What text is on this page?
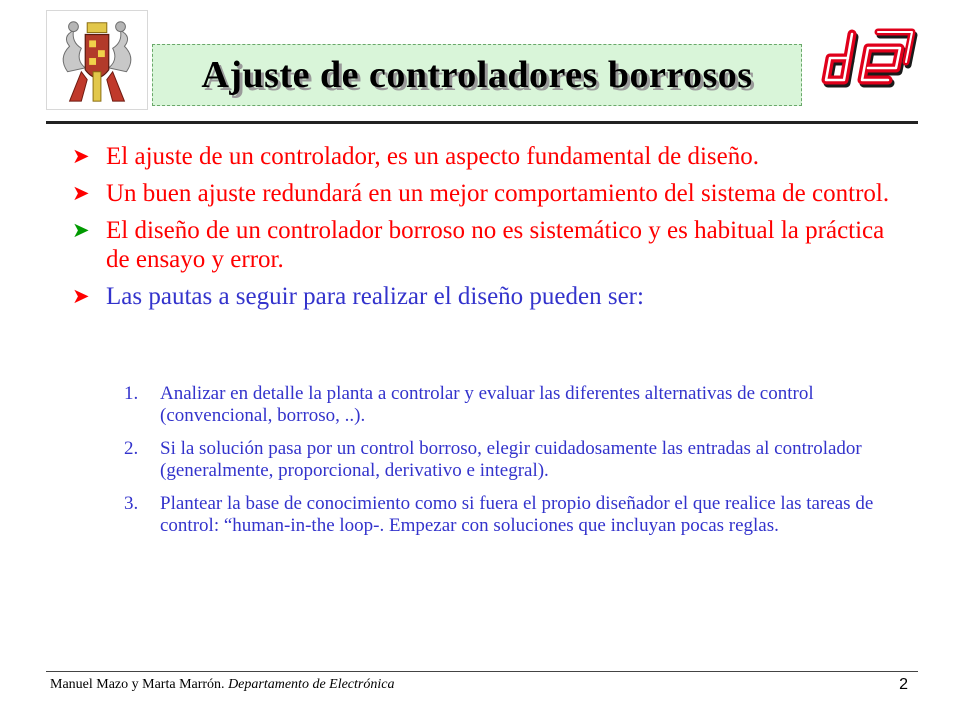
Ajuste de controladores borrosos
➤ El ajuste de un controlador, es un aspecto fundamental de diseño.
➤ Un buen ajuste redundará en un mejor comportamiento del sistema de control.
➤ El diseño de un controlador borroso no es sistemático y es habitual la práctica de ensayo y error.
➤ Las pautas a seguir para realizar el diseño pueden ser:
1.	Analizar en detalle la planta a controlar y evaluar las diferentes alternativas de control (convencional, borroso, ..).
2.	Si la solución pasa por un control borroso, elegir cuidadosamente las entradas al controlador (generalmente, proporcional, derivativo e integral).
3.	Plantear la base de conocimiento como si fuera el propio diseñador el que realice las tareas de control: “human-in-the loop-. Empezar con soluciones que incluyan pocas reglas.
Manuel Mazo y Marta Marrón. Departamento de Electrónica	2
